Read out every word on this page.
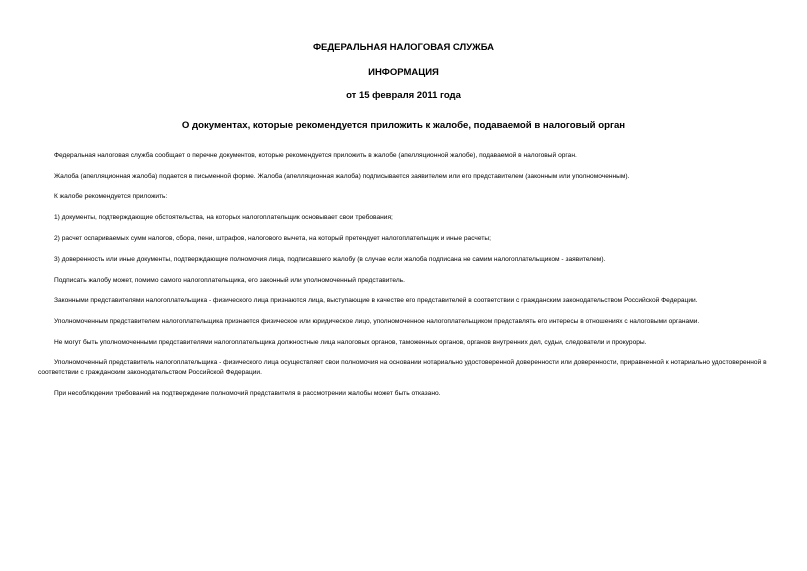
ФЕДЕРАЛЬНАЯ НАЛОГОВАЯ СЛУЖБА
ИНФОРМАЦИЯ
от 15 февраля 2011 года
О документах, которые рекомендуется приложить к жалобе, подаваемой в налоговый орган
Федеральная налоговая служба сообщает о перечне документов, которые рекомендуется приложить в жалобе (апелляционной жалобе), подаваемой в налоговый орган.
Жалоба (апелляционная жалоба) подается в письменной форме. Жалоба (апелляционная жалоба) подписывается заявителем или его представителем (законным или уполномоченным).
К жалобе рекомендуется приложить:
1) документы, подтверждающие обстоятельства, на которых налогоплательщик основывает свои требования;
2) расчет оспариваемых сумм налогов, сбора, пени, штрафов, налогового вычета, на который претендует налогоплательщик и иные расчеты;
3) доверенность или иные документы, подтверждающие полномочия лица, подписавшего жалобу (в случае если жалоба подписана не самим налогоплательщиком - заявителем).
Подписать жалобу может, помимо самого налогоплательщика, его законный или уполномоченный представитель.
Законными представителями налогоплательщика - физического лица признаются лица, выступающие в качестве его представителей в соответствии с гражданским законодательством Российской Федерации.
Уполномоченным представителем налогоплательщика признается физическое или юридическое лицо, уполномоченное налогоплательщиком представлять его интересы в отношениях с налоговыми органами.
Не могут быть уполномоченными представителями налогоплательщика должностные лица налоговых органов, таможенных органов, органов внутренних дел, судьи, следователи и прокуроры.
Уполномоченный представитель налогоплательщика - физического лица осуществляет свои полномочия на основании нотариально удостоверенной доверенности или доверенности, приравненной к нотариально удостоверенной в соответствии с гражданским законодательством Российской Федерации.
При несоблюдении требований на подтверждение полномочий представителя в рассмотрении жалобы может быть отказано.
